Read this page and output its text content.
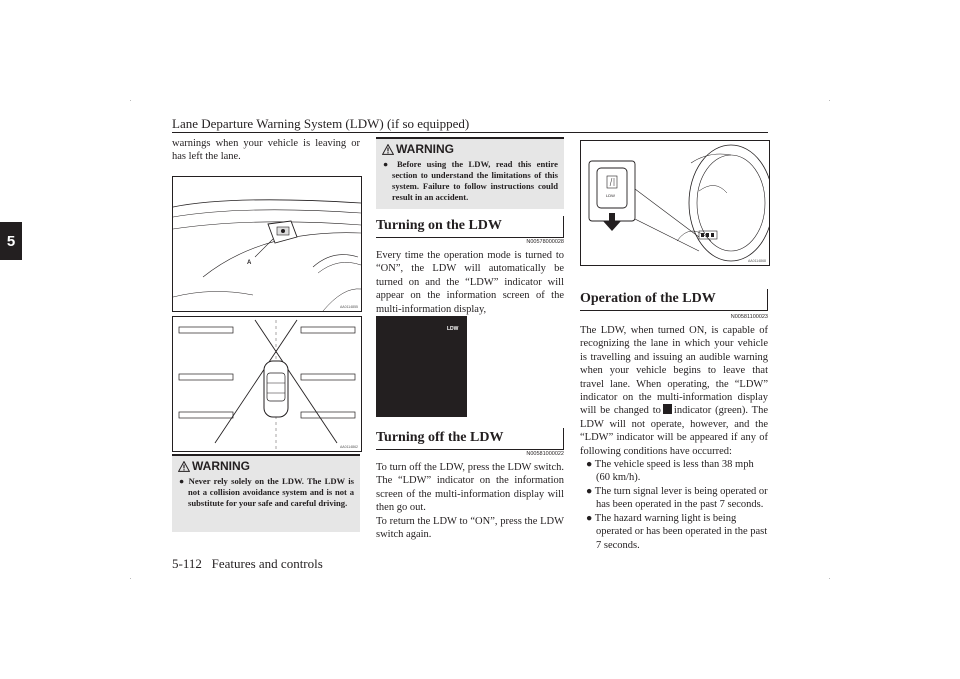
Lane Departure Warning System (LDW) (if so equipped)
5

warnings when your vehicle is leaving or has left the lane.

A
AA0114855
AA0114862
WARNING
● Never rely solely on the LDW. The LDW is not a collision avoidance system and is not a substitute for your safe and careful driving.
WARNING
● Before using the LDW, read this entire section to understand the limitations of this system. Failure to follow instructions could result in an accident.
Turning on the LDW
N00578000028

Every time the operation mode is turned to “ON”, the LDW will automatically be turned on and the “LDW” indicator will appear on the information screen of the multi-information display,

LDW
Turning off the LDW
N00581000022

To turn off the LDW, press the LDW switch. The “LDW” indicator on the information screen of the multi-information display will then go out.

To return the LDW to “ON”, press the LDW switch again.

LDW
AA0114868
Operation of the LDW
N00581100023

The LDW, when turned ON, is capable of recognizing the lane in which your vehicle is travelling and issuing an audible warning when your vehicle begins to leave that travel lane. When operating, the “LDW” indicator on the multi-information display will be changed to indicator (green). The LDW will not operate, however, and the “LDW” indicator will be appeared if any of following conditions have occurred:

● The vehicle speed is less than 38 mph (60 km/h).

● The turn signal lever is being operated or has been operated in the past 7 seconds.

● The hazard warning light is being operated or has been operated in the past 7 seconds.

5-112 Features and controls
